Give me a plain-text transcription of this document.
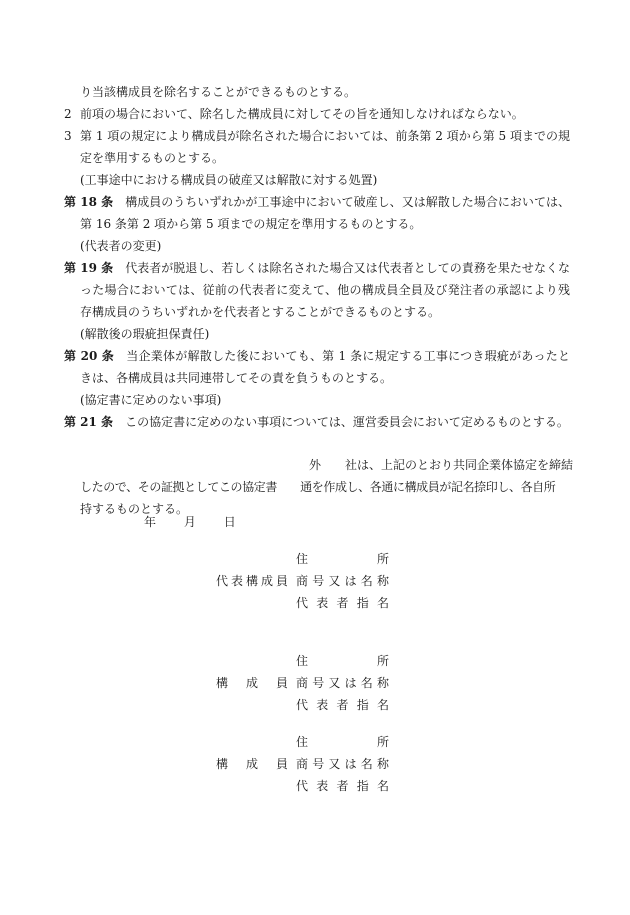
り当該構成員を除名することができるものとする。
2 前項の場合において、除名した構成員に対してその旨を通知しなければならない。
3 第 1 項の規定により構成員が除名された場合においては、前条第 2 項から第 5 項までの規定を準用するものとする。
(工事途中における構成員の破産又は解散に対する処置)
第 18 条　 構成員のうちいずれかが工事途中において破産し、又は解散した場合においては、第 16 条第 2 項から第 5 項までの規定を準用するものとする。
(代表者の変更)
第 19 条　 代表者が脱退し、若しくは除名された場合又は代表者としての責務を果たせなくなった場合においては、従前の代表者に変えて、他の構成員全員及び発注者の承認により残存構成員のうちいずれかを代表者とすることができるものとする。
(解散後の瑕疵担保責任)
第 20 条　 当企業体が解散した後においても、第 1 条に規定する工事につき瑕疵があったときは、各構成員は共同連帯してその責を負うものとする。
(協定書に定めのない事項)
第 21 条　 この協定書に定めのない事項については、運営委員会において定めるものとする。
外　　社は、上記のとおり共同企業体協定を締結
したので、その証拠としてこの協定書　　通を作成し、各通に構成員が記名捺印し、各自所
持するものとする。
年 月 日
代表構成員
住所
商号又は名称
代表者指名
構成員
住所
商号又は名称
代表者指名
構成員
住所
商号又は名称
代表者指名
